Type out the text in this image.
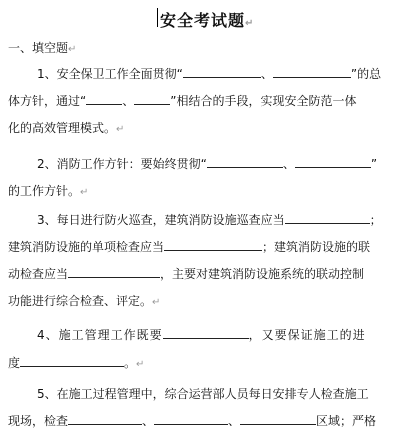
安全考试题↵
一、填空题↵
1、安全保卫工作全面贯彻“	、	”的总
体方针，通过“	、	”相结合的手段，实现安全防范一体
化的高效管理模式。↵
2、消防工作方针：要始终贯彻“	、	”
的工作方针。↵
3、每日进行防火巡查，建筑消防设施巡查应当	；
建筑消防设施的单项检查应当	；建筑消防设施的联
动检查应当	，主要对建筑消防设施系统的联动控制
功能进行综合检查、评定。↵
4、施工管理工作既要	，又要保证施工的进
度	。↵
5、在施工过程管理中，综合运营部人员每日安排专人检查施工
现场，检查	、	、	区域；严格
